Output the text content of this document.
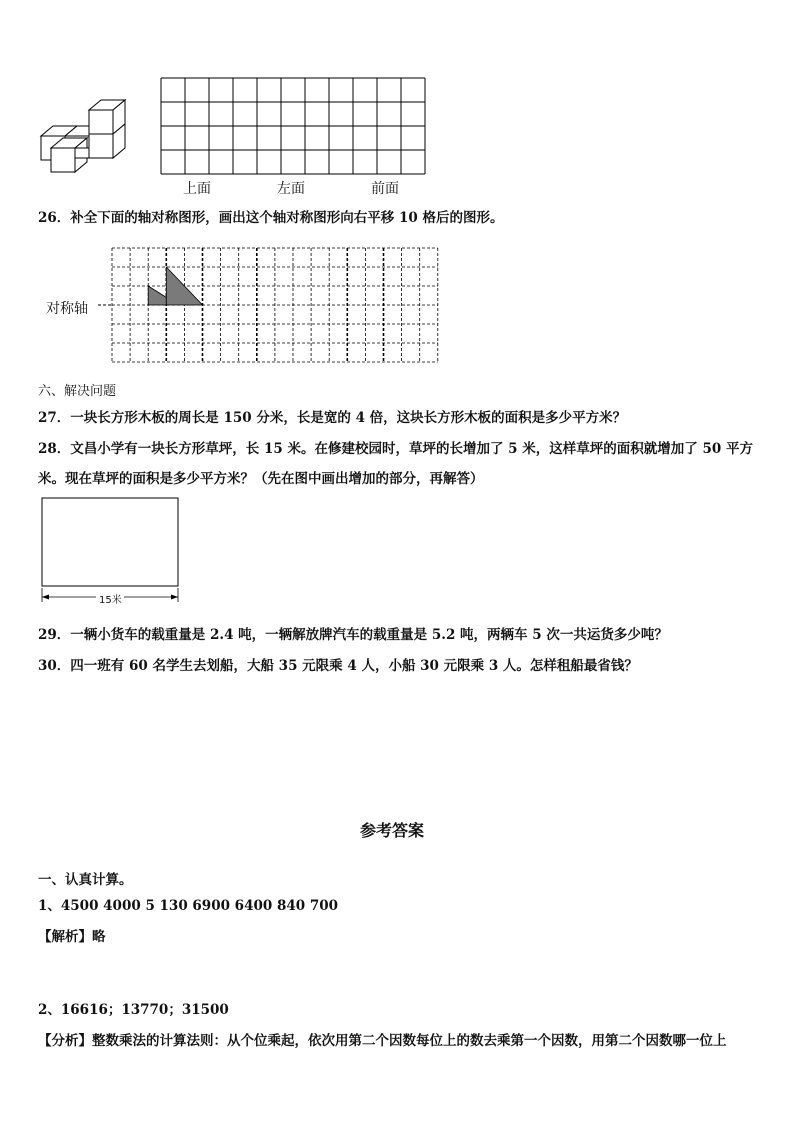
上面	左面	前面
26．补全下面的轴对称图形，画出这个轴对称图形向右平移 10 格后的图形。
对称轴
六、解决问题
27．一块长方形木板的周长是 150 分米，长是宽的 4 倍，这块长方形木板的面积是多少平方米？
28．文昌小学有一块长方形草坪，长 15 米。在修建校园时，草坪的长增加了 5 米，这样草坪的面积就增加了 50 平方
米。现在草坪的面积是多少平方米？（先在图中画出增加的部分，再解答）
15米
29．一辆小货车的载重量是 2.4 吨，一辆解放牌汽车的载重量是 5.2 吨，两辆车 5 次一共运货多少吨？
30．四一班有 60 名学生去划船，大船 35 元限乘 4 人，小船 30 元限乘 3 人。怎样租船最省钱？
参考答案
一、认真计算。
1、4500 4000 5 130 6900 6400 840 700
【解析】略
2、16616；13770；31500
【分析】整数乘法的计算法则：从个位乘起，依次用第二个因数每位上的数去乘第一个因数，用第二个因数哪一位上
